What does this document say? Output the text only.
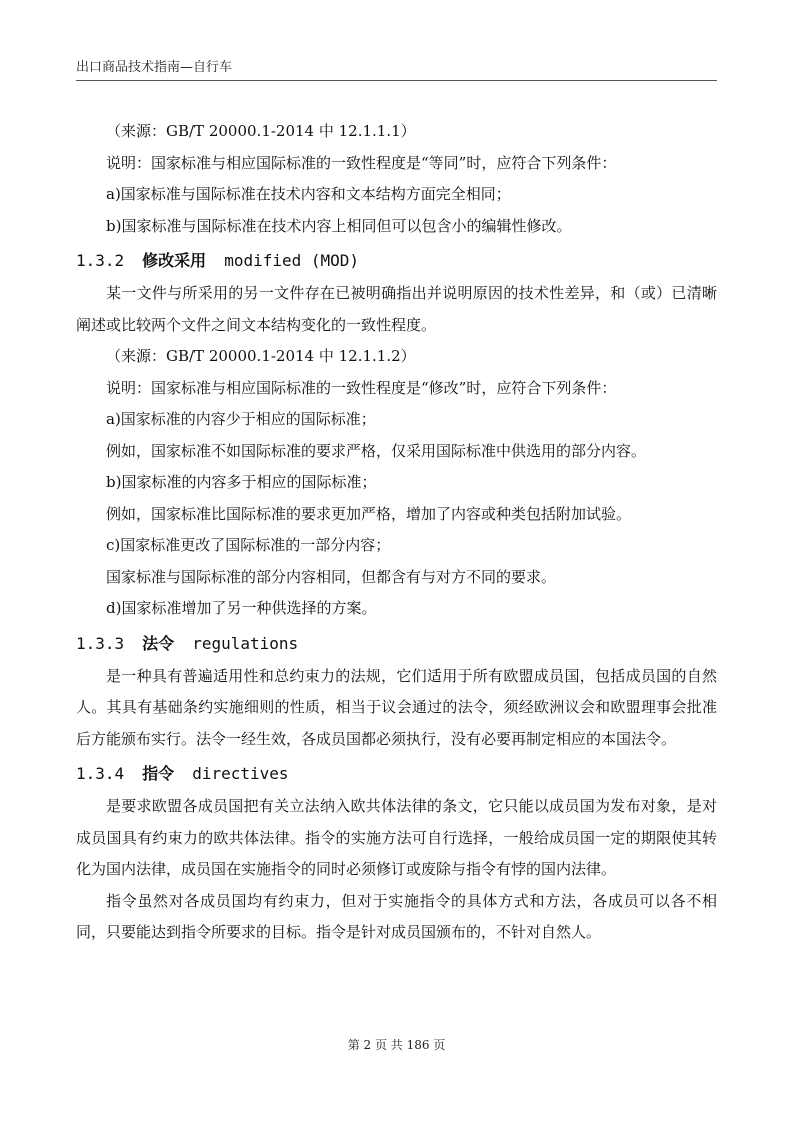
出口商品技术指南—自行车

（来源：GB/T 20000.1-2014 中 12.1.1.1）

说明：国家标准与相应国际标准的一致性程度是“等同”时，应符合下列条件：

a)国家标准与国际标准在技术内容和文本结构方面完全相同；

b)国家标准与国际标准在技术内容上相同但可以包含小的编辑性修改。

1.3.2 修改采用 modified (MOD)

某一文件与所采用的另一文件存在已被明确指出并说明原因的技术性差异，和（或）已清晰阐述或比较两个文件之间文本结构变化的一致性程度。

（来源：GB/T 20000.1-2014 中 12.1.1.2）

说明：国家标准与相应国际标准的一致性程度是“修改”时，应符合下列条件：

a)国家标准的内容少于相应的国际标准；

例如，国家标准不如国际标准的要求严格，仅采用国际标准中供选用的部分内容。

b)国家标准的内容多于相应的国际标准；

例如，国家标准比国际标准的要求更加严格，增加了内容或种类包括附加试验。

c)国家标准更改了国际标准的一部分内容；

国家标准与国际标准的部分内容相同，但都含有与对方不同的要求。

d)国家标准增加了另一种供选择的方案。

1.3.3 法令 regulations

是一种具有普遍适用性和总约束力的法规，它们适用于所有欧盟成员国，包括成员国的自然人。其具有基础条约实施细则的性质，相当于议会通过的法令，须经欧洲议会和欧盟理事会批准后方能颁布实行。法令一经生效，各成员国都必须执行，没有必要再制定相应的本国法令。

1.3.4 指令 directives

是要求欧盟各成员国把有关立法纳入欧共体法律的条文，它只能以成员国为发布对象，是对成员国具有约束力的欧共体法律。指令的实施方法可自行选择，一般给成员国一定的期限使其转化为国内法律，成员国在实施指令的同时必须修订或废除与指令有悖的国内法律。

指令虽然对各成员国均有约束力，但对于实施指令的具体方式和方法，各成员可以各不相同，只要能达到指令所要求的目标。指令是针对成员国颁布的，不针对自然人。

第 2 页 共 186 页
